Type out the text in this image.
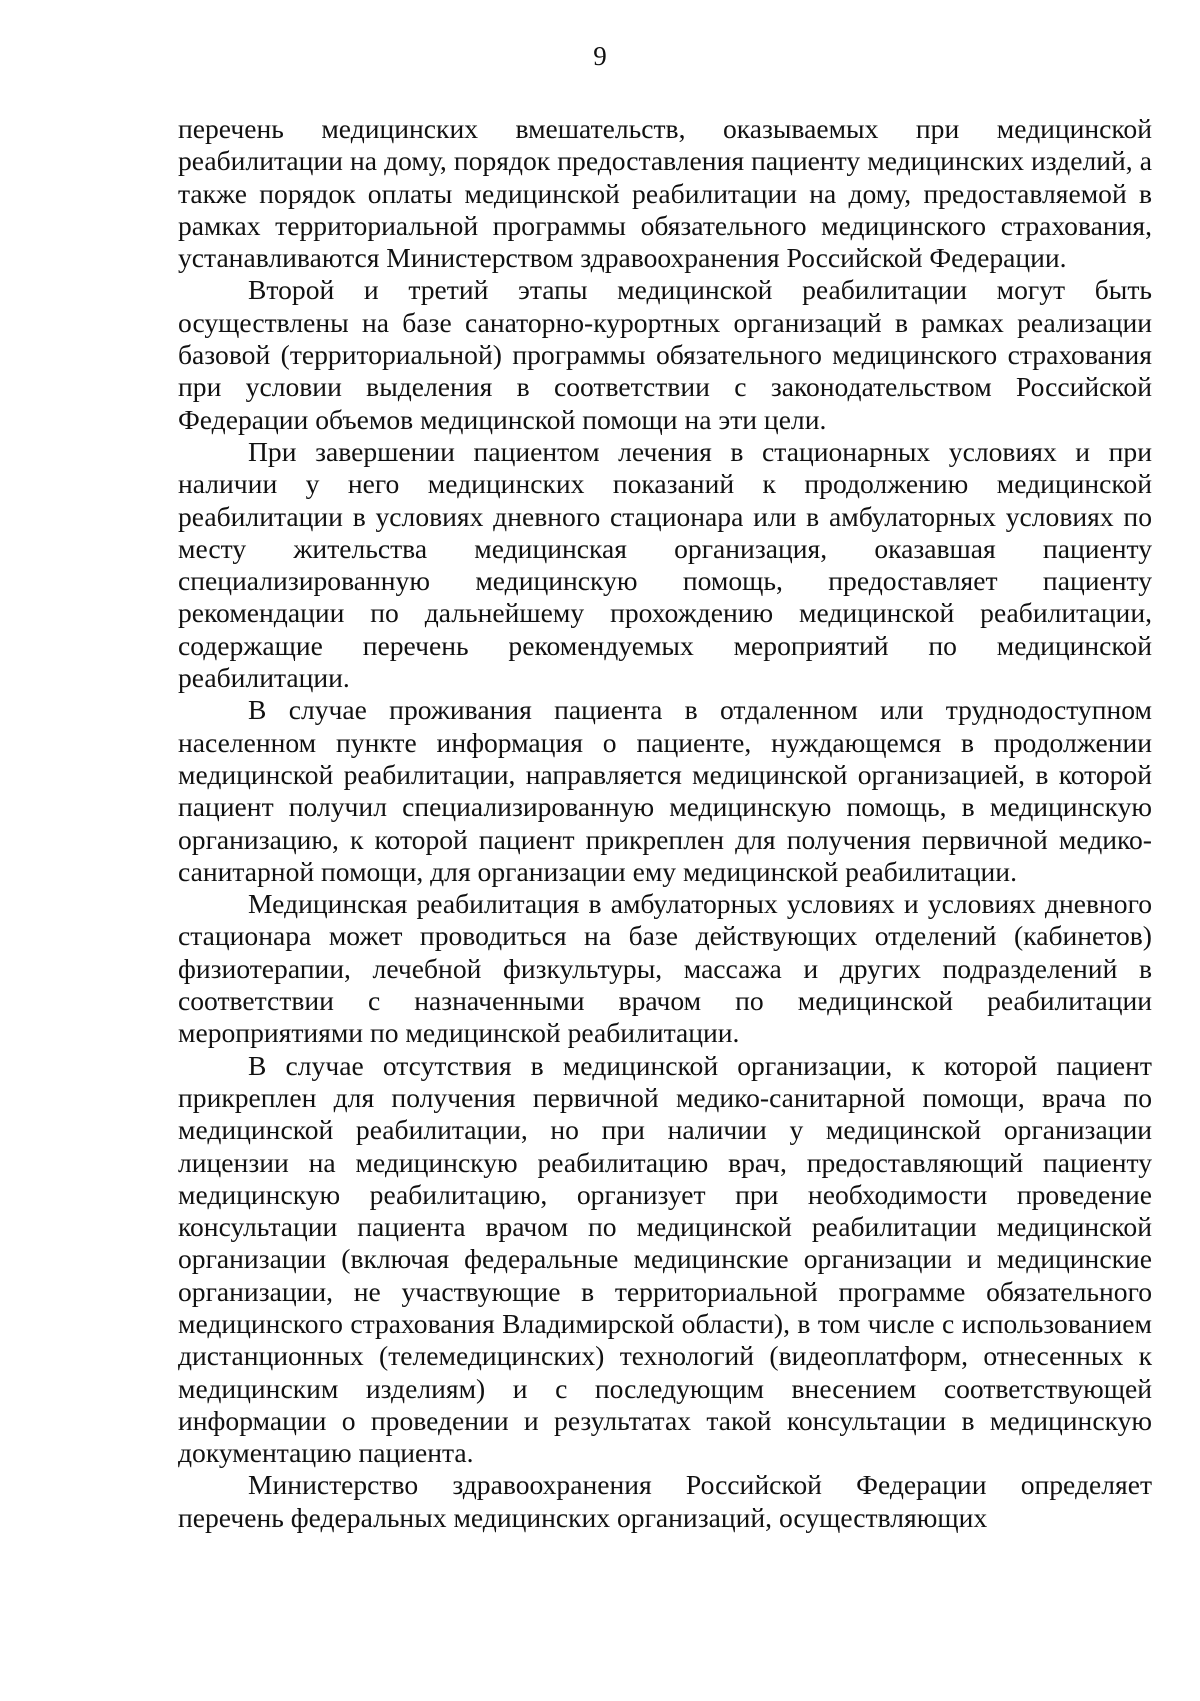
9

перечень медицинских вмешательств, оказываемых при медицинской реабилитации на дому, порядок предоставления пациенту медицинских изделий, а также порядок оплаты медицинской реабилитации на дому, предоставляемой в рамках территориальной программы обязательного медицинского страхования, устанавливаются Министерством здравоохранения Российской Федерации.

Второй и третий этапы медицинской реабилитации могут быть осуществлены на базе санаторно-курортных организаций в рамках реализации базовой (территориальной) программы обязательного медицинского страхования при условии выделения в соответствии с законодательством Российской Федерации объемов медицинской помощи на эти цели.

При завершении пациентом лечения в стационарных условиях и при наличии у него медицинских показаний к продолжению медицинской реабилитации в условиях дневного стационара или в амбулаторных условиях по месту жительства медицинская организация, оказавшая пациенту специализированную медицинскую помощь, предоставляет пациенту рекомендации по дальнейшему прохождению медицинской реабилитации, содержащие перечень рекомендуемых мероприятий по медицинской реабилитации.

В случае проживания пациента в отдаленном или труднодоступном населенном пункте информация о пациенте, нуждающемся в продолжении медицинской реабилитации, направляется медицинской организацией, в которой пациент получил специализированную медицинскую помощь, в медицинскую организацию, к которой пациент прикреплен для получения первичной медико-санитарной помощи, для организации ему медицинской реабилитации.

Медицинская реабилитация в амбулаторных условиях и условиях дневного стационара может проводиться на базе действующих отделений (кабинетов) физиотерапии, лечебной физкультуры, массажа и других подразделений в соответствии с назначенными врачом по медицинской реабилитации мероприятиями по медицинской реабилитации.

В случае отсутствия в медицинской организации, к которой пациент прикреплен для получения первичной медико-санитарной помощи, врача по медицинской реабилитации, но при наличии у медицинской организации лицензии на медицинскую реабилитацию врач, предоставляющий пациенту медицинскую реабилитацию, организует при необходимости проведение консультации пациента врачом по медицинской реабилитации медицинской организации (включая федеральные медицинские организации и медицинские организации, не участвующие в территориальной программе обязательного медицинского страхования Владимирской области), в том числе с использованием дистанционных (телемедицинских) технологий (видеоплатформ, отнесенных к медицинским изделиям) и с последующим внесением соответствующей информации о проведении и результатах такой консультации в медицинскую документацию пациента.

Министерство здравоохранения Российской Федерации определяет перечень федеральных медицинских организаций, осуществляющих
